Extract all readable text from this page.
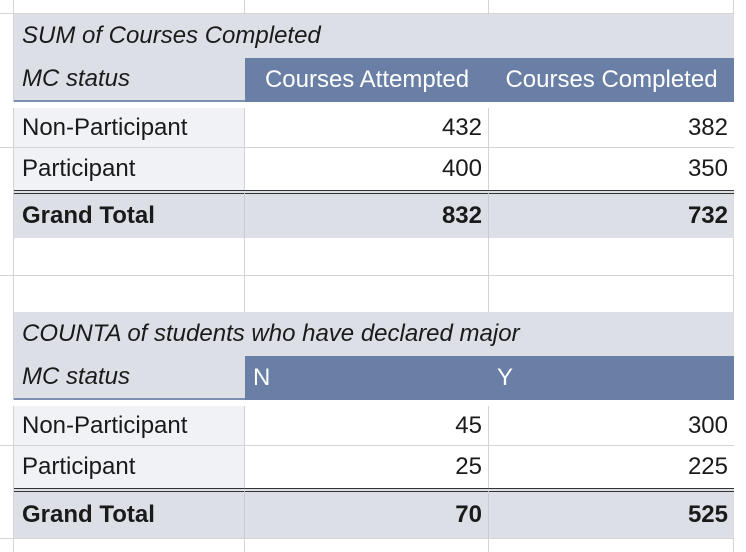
SUM of Courses Completed
MC status	Courses Attempted	Courses Completed
Non-Participant	432	382
Participant	400	350
Grand Total	832	732
COUNTA of students who have declared major
MC status	N	Y
Non-Participant	45	300
Participant	25	225
Grand Total	70	525
